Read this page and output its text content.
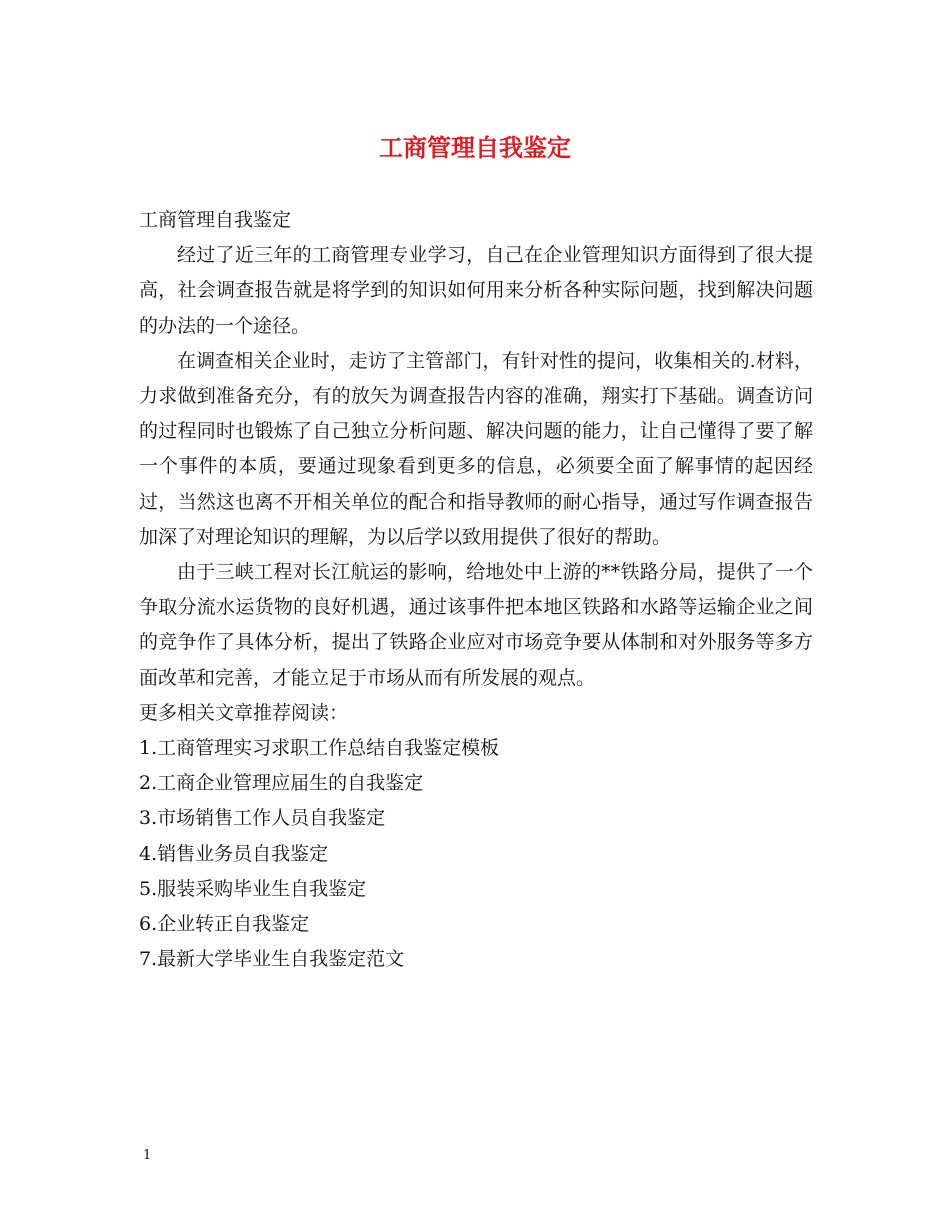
工商管理自我鉴定

工商管理自我鉴定

经过了近三年的工商管理专业学习，自己在企业管理知识方面得到了很大提高，社会调查报告就是将学到的知识如何用来分析各种实际问题，找到解决问题的办法的一个途径。

在调查相关企业时，走访了主管部门，有针对性的提问，收集相关的.材料，力求做到准备充分，有的放矢为调查报告内容的准确，翔实打下基础。调查访问的过程同时也锻炼了自己独立分析问题、解决问题的能力，让自己懂得了要了解一个事件的本质，要通过现象看到更多的信息，必须要全面了解事情的起因经过，当然这也离不开相关单位的配合和指导教师的耐心指导，通过写作调查报告加深了对理论知识的理解，为以后学以致用提供了很好的帮助。

由于三峡工程对长江航运的影响，给地处中上游的**铁路分局，提供了一个争取分流水运货物的良好机遇，通过该事件把本地区铁路和水路等运输企业之间的竞争作了具体分析，提出了铁路企业应对市场竞争要从体制和对外服务等多方面改革和完善，才能立足于市场从而有所发展的观点。

更多相关文章推荐阅读：

1.工商管理实习求职工作总结自我鉴定模板
2.工商企业管理应届生的自我鉴定
3.市场销售工作人员自我鉴定
4.销售业务员自我鉴定
5.服装采购毕业生自我鉴定
6.企业转正自我鉴定
7.最新大学毕业生自我鉴定范文
1
